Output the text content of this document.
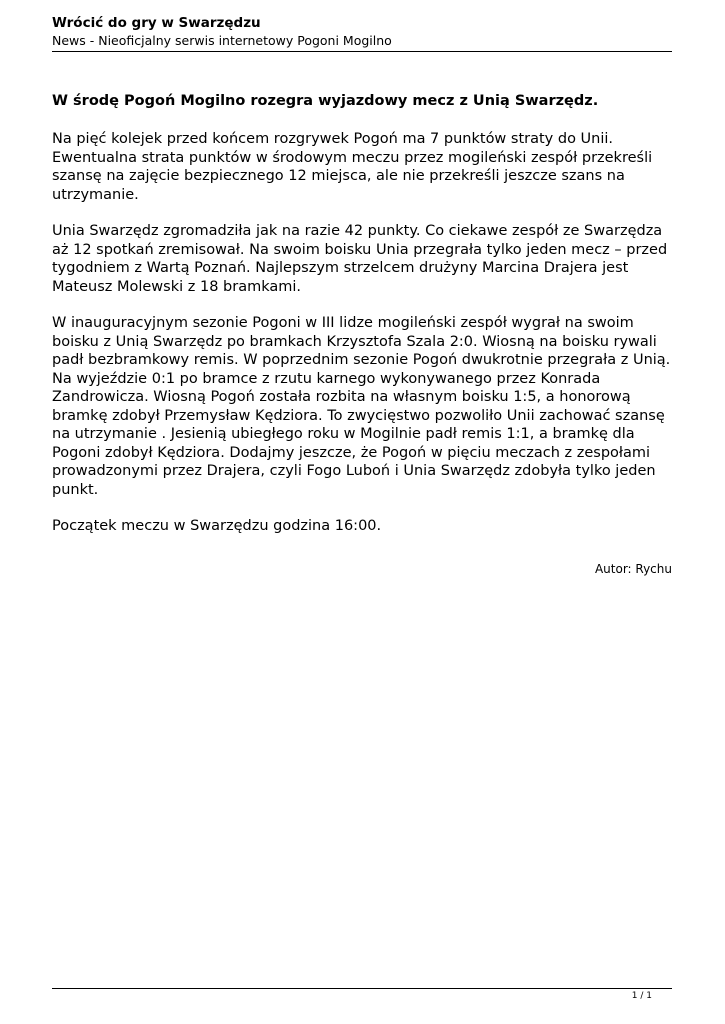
Wrócić do gry w Swarzędzu
News - Nieoficjalny serwis internetowy Pogoni Mogilno

W środę Pogoń Mogilno rozegra wyjazdowy mecz z Unią Swarzędz.

Na pięć kolejek przed końcem rozgrywek Pogoń ma 7 punktów straty do Unii. Ewentualna strata punktów w środowym meczu przez mogileński zespół przekreśli szansę na zajęcie bezpiecznego 12 miejsca, ale nie przekreśli jeszcze szans na utrzymanie.

Unia Swarzędz zgromadziła jak na razie 42 punkty. Co ciekawe zespół ze Swarzędza aż 12 spotkań zremisował. Na swoim boisku Unia przegrała tylko jeden mecz – przed tygodniem z Wartą Poznań. Najlepszym strzelcem drużyny Marcina Drajera jest Mateusz Molewski z 18 bramkami.

W inauguracyjnym sezonie Pogoni w III lidze mogileński zespół wygrał na swoim boisku z Unią Swarzędz po bramkach Krzysztofa Szala 2:0. Wiosną na boisku rywali padł bezbramkowy remis. W poprzednim sezonie Pogoń dwukrotnie przegrała z Unią. Na wyjeździe 0:1 po bramce z rzutu karnego wykonywanego przez Konrada Zandrowicza. Wiosną Pogoń została rozbita na własnym boisku 1:5, a honorową bramkę zdobył Przemysław Kędziora. To zwycięstwo pozwoliło Unii zachować szansę na utrzymanie . Jesienią ubiegłego roku w Mogilnie padł remis 1:1, a bramkę dla Pogoni zdobył Kędziora. Dodajmy jeszcze, że Pogoń w pięciu meczach z zespołami prowadzonymi przez Drajera, czyli Fogo Luboń i Unia Swarzędz zdobyła tylko jeden punkt.

Początek meczu w Swarzędzu godzina 16:00.

Autor: Rychu
1 / 1
